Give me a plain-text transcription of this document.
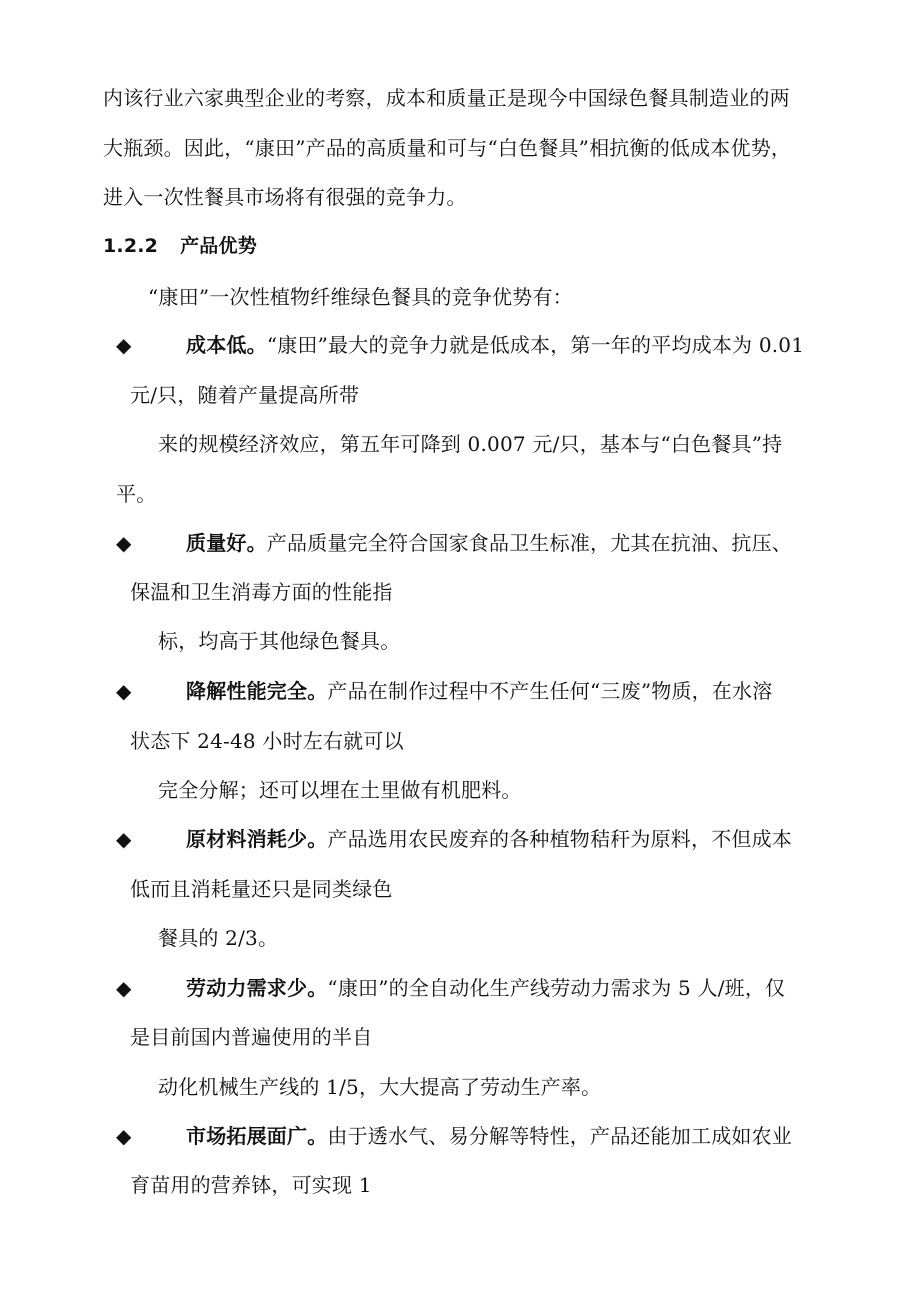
内该行业六家典型企业的考察，成本和质量正是现今中国绿色餐具制造业的两
大瓶颈。因此，“康田”产品的高质量和可与“白色餐具”相抗衡的低成本优势，
进入一次性餐具市场将有很强的竞争力。
1.2.2 产品优势
“康田”一次性植物纤维绿色餐具的竞争优势有：
◆	成本低。“康田”最大的竞争力就是低成本，第一年的平均成本为 0.01
元/只，随着产量提高所带
来的规模经济效应，第五年可降到 0.007 元/只，基本与“白色餐具”持
平。
◆	质量好。产品质量完全符合国家食品卫生标准，尤其在抗油、抗压、
保温和卫生消毒方面的性能指
标，均高于其他绿色餐具。
◆	降解性能完全。产品在制作过程中不产生任何“三废”物质，在水溶
状态下 24-48 小时左右就可以
完全分解；还可以埋在土里做有机肥料。
◆	原材料消耗少。产品选用农民废弃的各种植物秸秆为原料，不但成本
低而且消耗量还只是同类绿色
餐具的 2/3。
◆	劳动力需求少。“康田”的全自动化生产线劳动力需求为 5 人/班，仅
是目前国内普遍使用的半自
动化机械生产线的 1/5，大大提高了劳动生产率。
◆	市场拓展面广。由于透水气、易分解等特性，产品还能加工成如农业
育苗用的营养钵，可实现 1
